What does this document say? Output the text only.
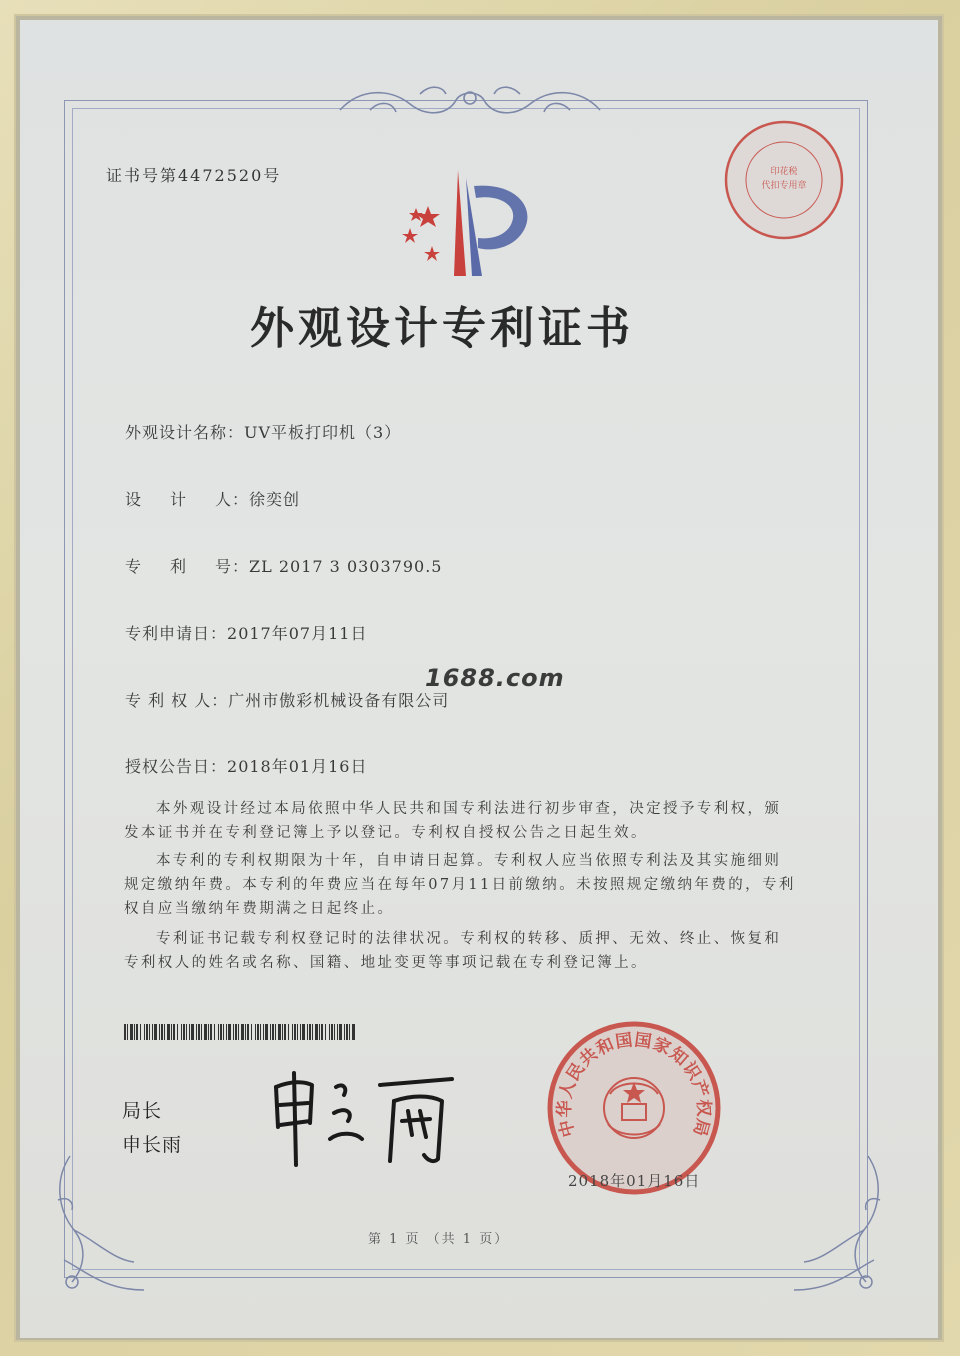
证书号第4472520号
外观设计专利证书
外观设计名称：UV平板打印机（3）
设 计 人：徐奕创
专 利 号：ZL 2017 3 0303790.5
专利申请日：2017年07月11日
专 利 权 人：广州市傲彩机械设备有限公司
1688.com
授权公告日：2018年01月16日
本外观设计经过本局依照中华人民共和国专利法进行初步审查，决定授予专利权，颁发本证书并在专利登记簿上予以登记。专利权自授权公告之日起生效。
本专利的专利权期限为十年，自申请日起算。专利权人应当依照专利法及其实施细则规定缴纳年费。本专利的年费应当在每年07月11日前缴纳。未按照规定缴纳年费的，专利权自应当缴纳年费期满之日起终止。
专利证书记载专利权登记时的法律状况。专利权的转移、质押、无效、终止、恢复和专利权人的姓名或名称、国籍、地址变更等事项记载在专利登记簿上。
局长
申长雨
中华人民共和国国家知识产权局
2018年01月16日
印花税
代扣专用章
第 1 页 （共 1 页）
